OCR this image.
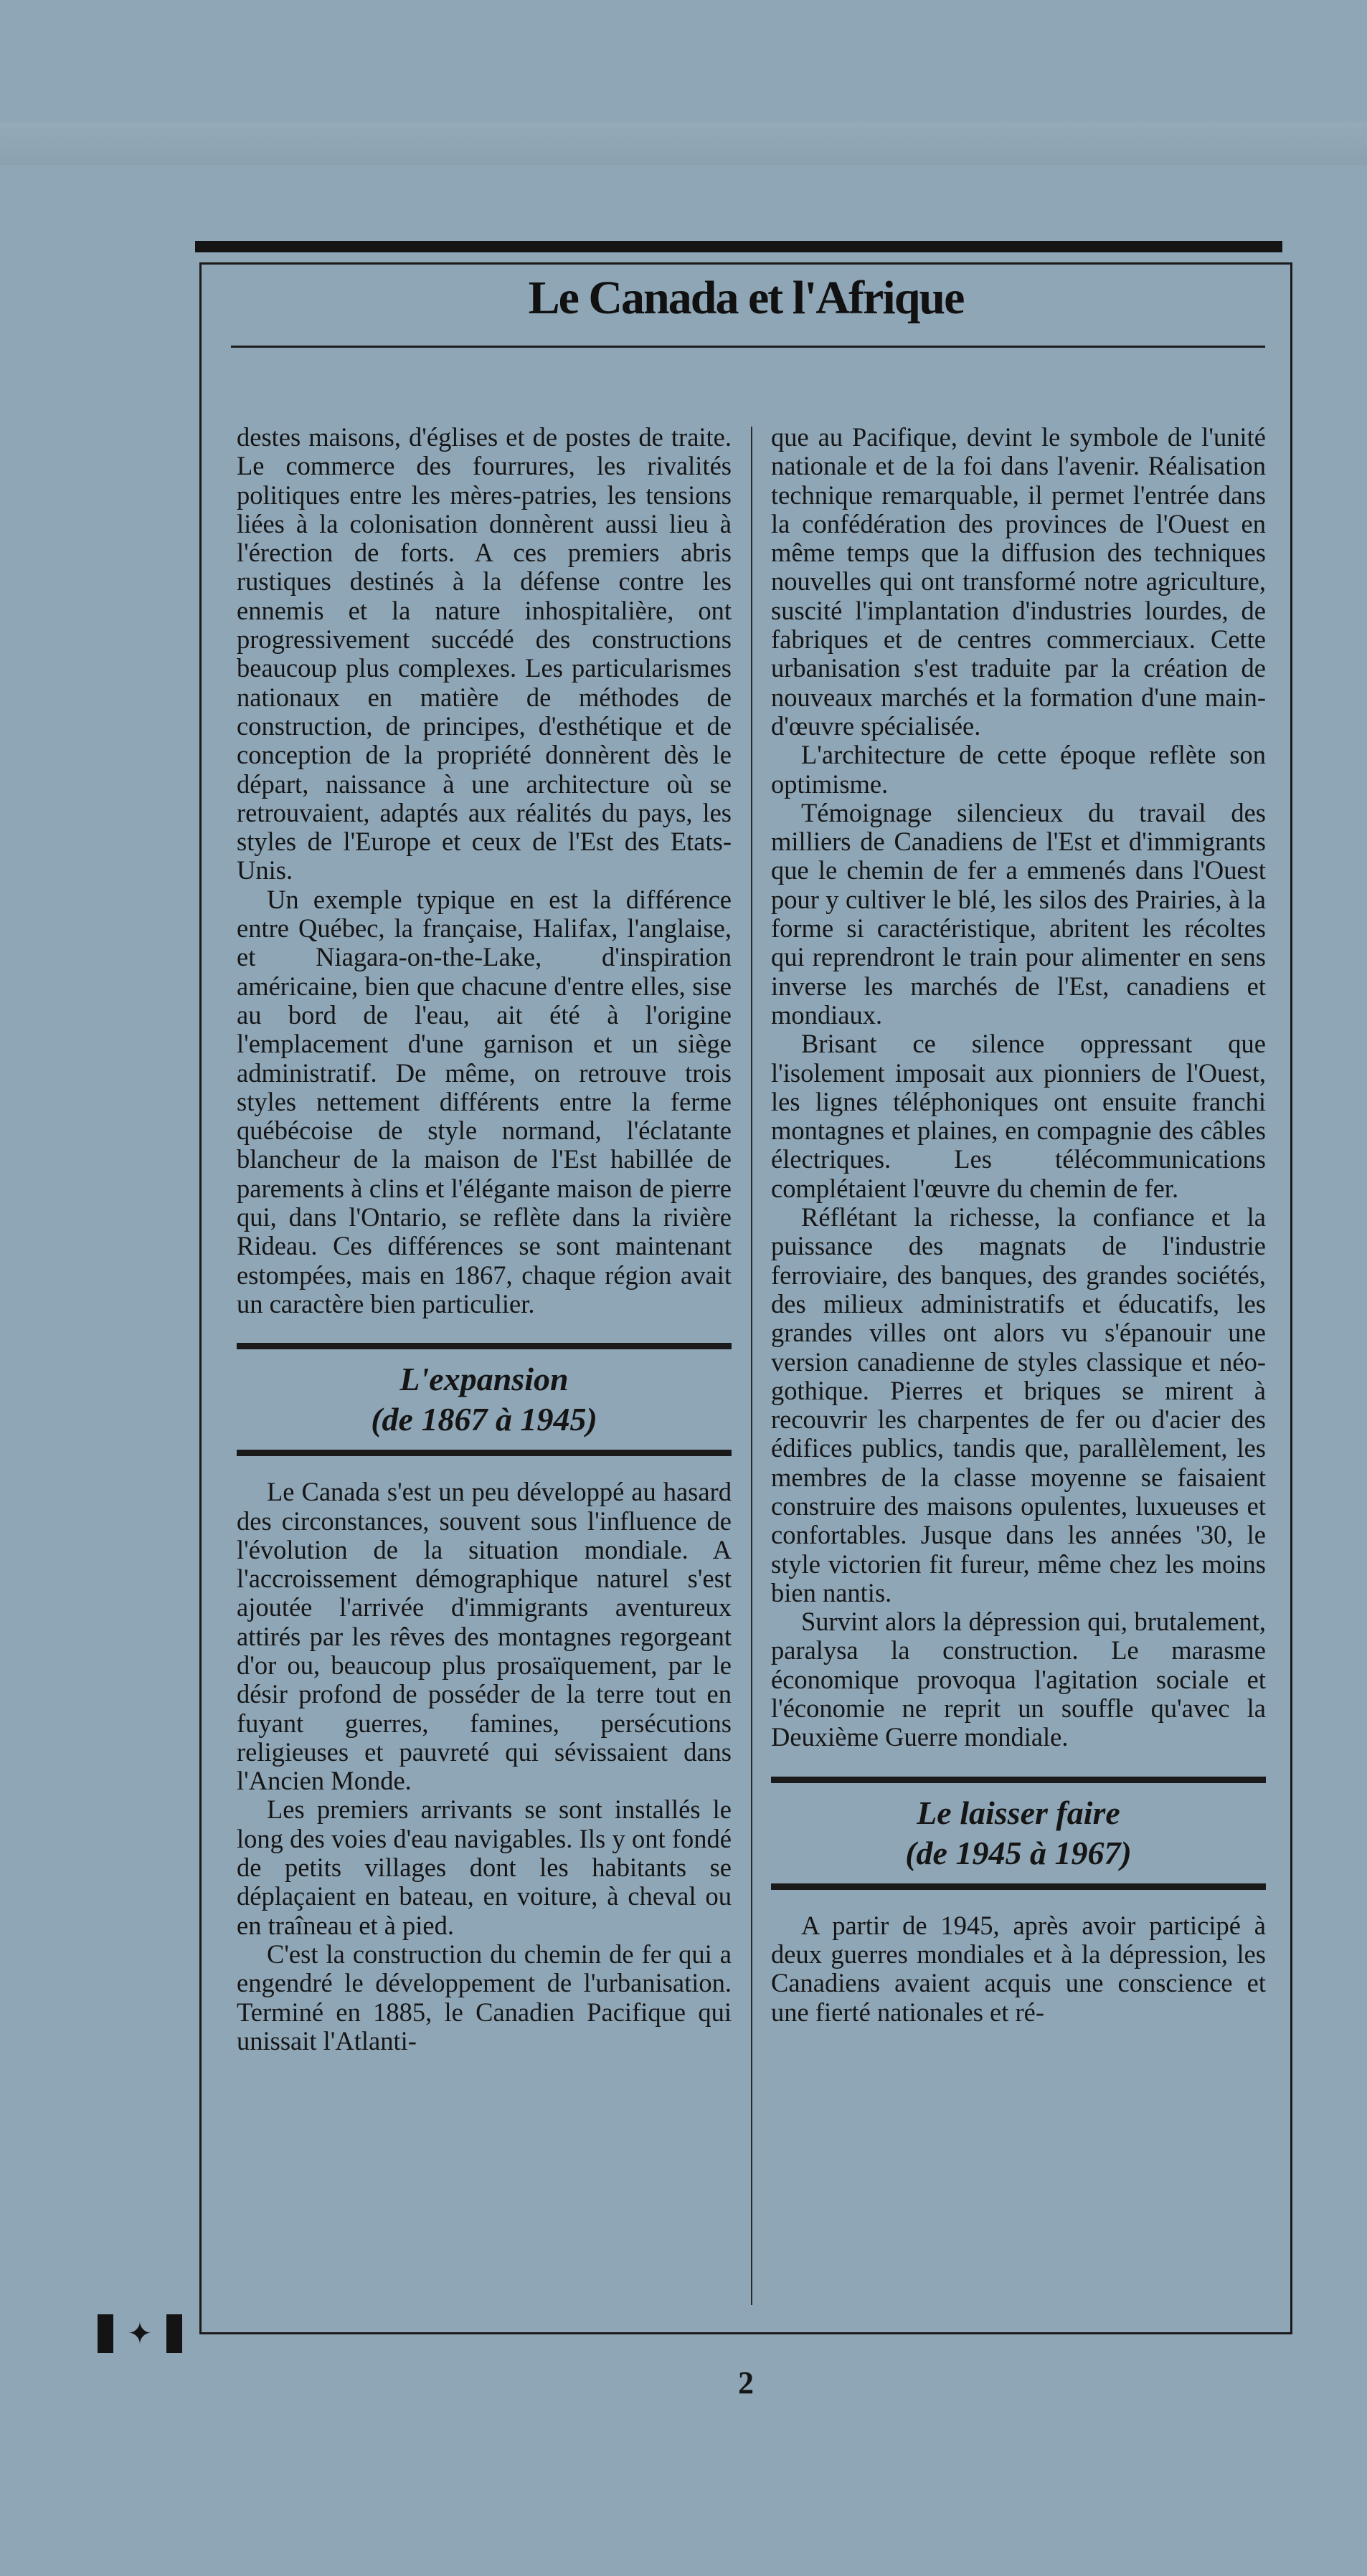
Le Canada et l'Afrique

destes maisons, d'églises et de postes de traite. Le commerce des fourrures, les rivalités politiques entre les mères-patries, les tensions liées à la colonisation donnèrent aussi lieu à l'érection de forts. A ces premiers abris rustiques destinés à la défense contre les ennemis et la nature inhospitalière, ont progressivement succédé des constructions beaucoup plus complexes. Les particularismes nationaux en matière de méthodes de construction, de principes, d'esthétique et de conception de la propriété donnèrent dès le départ, naissance à une architecture où se retrouvaient, adaptés aux réalités du pays, les styles de l'Europe et ceux de l'Est des Etats-Unis.

Un exemple typique en est la différence entre Québec, la française, Halifax, l'anglaise, et Niagara-on-the-Lake, d'inspiration américaine, bien que chacune d'entre elles, sise au bord de l'eau, ait été à l'origine l'emplacement d'une garnison et un siège administratif. De même, on retrouve trois styles nettement différents entre la ferme québécoise de style normand, l'éclatante blancheur de la maison de l'Est habillée de parements à clins et l'élégante maison de pierre qui, dans l'Ontario, se reflète dans la rivière Rideau. Ces différences se sont maintenant estompées, mais en 1867, chaque région avait un caractère bien particulier.

L'expansion
(de 1867 à 1945)

Le Canada s'est un peu développé au hasard des circonstances, souvent sous l'influence de l'évolution de la situation mondiale. A l'accroissement démographique naturel s'est ajoutée l'arrivée d'immigrants aventureux attirés par les rêves des montagnes regorgeant d'or ou, beaucoup plus prosaïquement, par le désir profond de posséder de la terre tout en fuyant guerres, famines, persécutions religieuses et pauvreté qui sévissaient dans l'Ancien Monde.

Les premiers arrivants se sont installés le long des voies d'eau navigables. Ils y ont fondé de petits villages dont les habitants se déplaçaient en bateau, en voiture, à cheval ou en traîneau et à pied.

C'est la construction du chemin de fer qui a engendré le développement de l'urbanisation. Terminé en 1885, le Canadien Pacifique qui unissait l'Atlanti-

que au Pacifique, devint le symbole de l'unité nationale et de la foi dans l'avenir. Réalisation technique remarquable, il permet l'entrée dans la confédération des provinces de l'Ouest en même temps que la diffusion des techniques nouvelles qui ont transformé notre agriculture, suscité l'implantation d'industries lourdes, de fabriques et de centres commerciaux. Cette urbanisation s'est traduite par la création de nouveaux marchés et la formation d'une main-d'œuvre spécialisée.

L'architecture de cette époque reflète son optimisme.

Témoignage silencieux du travail des milliers de Canadiens de l'Est et d'immigrants que le chemin de fer a emmenés dans l'Ouest pour y cultiver le blé, les silos des Prairies, à la forme si caractéristique, abritent les récoltes qui reprendront le train pour alimenter en sens inverse les marchés de l'Est, canadiens et mondiaux.

Brisant ce silence oppressant que l'isolement imposait aux pionniers de l'Ouest, les lignes téléphoniques ont ensuite franchi montagnes et plaines, en compagnie des câbles électriques. Les télécommunications complétaient l'œuvre du chemin de fer.

Réflétant la richesse, la confiance et la puissance des magnats de l'industrie ferroviaire, des banques, des grandes sociétés, des milieux administratifs et éducatifs, les grandes villes ont alors vu s'épanouir une version canadienne de styles classique et néo-gothique. Pierres et briques se mirent à recouvrir les charpentes de fer ou d'acier des édifices publics, tandis que, parallèlement, les membres de la classe moyenne se faisaient construire des maisons opulentes, luxueuses et confortables. Jusque dans les années '30, le style victorien fit fureur, même chez les moins bien nantis.

Survint alors la dépression qui, brutalement, paralysa la construction. Le marasme économique provoqua l'agitation sociale et l'économie ne reprit un souffle qu'avec la Deuxième Guerre mondiale.

Le laisser faire
(de 1945 à 1967)

A partir de 1945, après avoir participé à deux guerres mondiales et à la dépression, les Canadiens avaient acquis une conscience et une fierté nationales et ré-

✦
2
